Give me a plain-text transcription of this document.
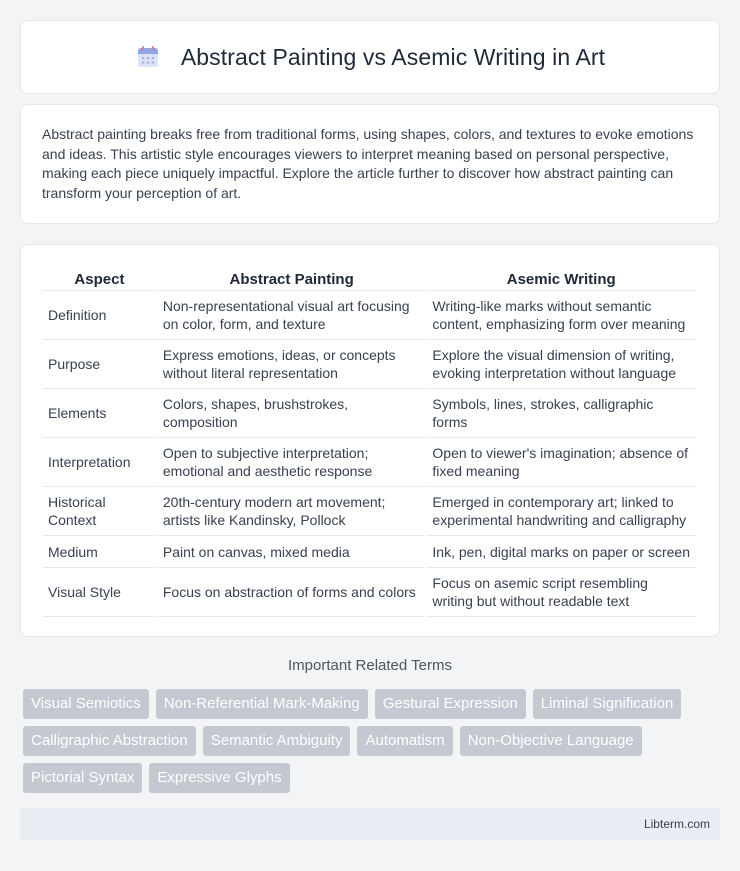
Abstract Painting vs Asemic Writing in Art

Abstract painting breaks free from traditional forms, using shapes, colors, and textures to evoke emotions and ideas. This artistic style encourages viewers to interpret meaning based on personal perspective, making each piece uniquely impactful. Explore the article further to discover how abstract painting can transform your perception of art.

Aspect	Abstract Painting	Asemic Writing
Definition	Non-representational visual art focusing on color, form, and texture	Writing-like marks without semantic content, emphasizing form over meaning
Purpose	Express emotions, ideas, or concepts without literal representation	Explore the visual dimension of writing, evoking interpretation without language
Elements	Colors, shapes, brushstrokes, composition	Symbols, lines, strokes, calligraphic forms
Interpretation	Open to subjective interpretation; emotional and aesthetic response	Open to viewer's imagination; absence of fixed meaning
Historical Context	20th-century modern art movement; artists like Kandinsky, Pollock	Emerged in contemporary art; linked to experimental handwriting and calligraphy
Medium	Paint on canvas, mixed media	Ink, pen, digital marks on paper or screen
Visual Style	Focus on abstraction of forms and colors	Focus on asemic script resembling writing but without readable text
Important Related Terms
Visual Semiotics	Non-Referential Mark-Making	Gestural Expression	Liminal Signification
Calligraphic Abstraction	Semantic Ambiguity	Automatism	Non-Objective Language
Pictorial Syntax	Expressive Glyphs
Libterm.com
